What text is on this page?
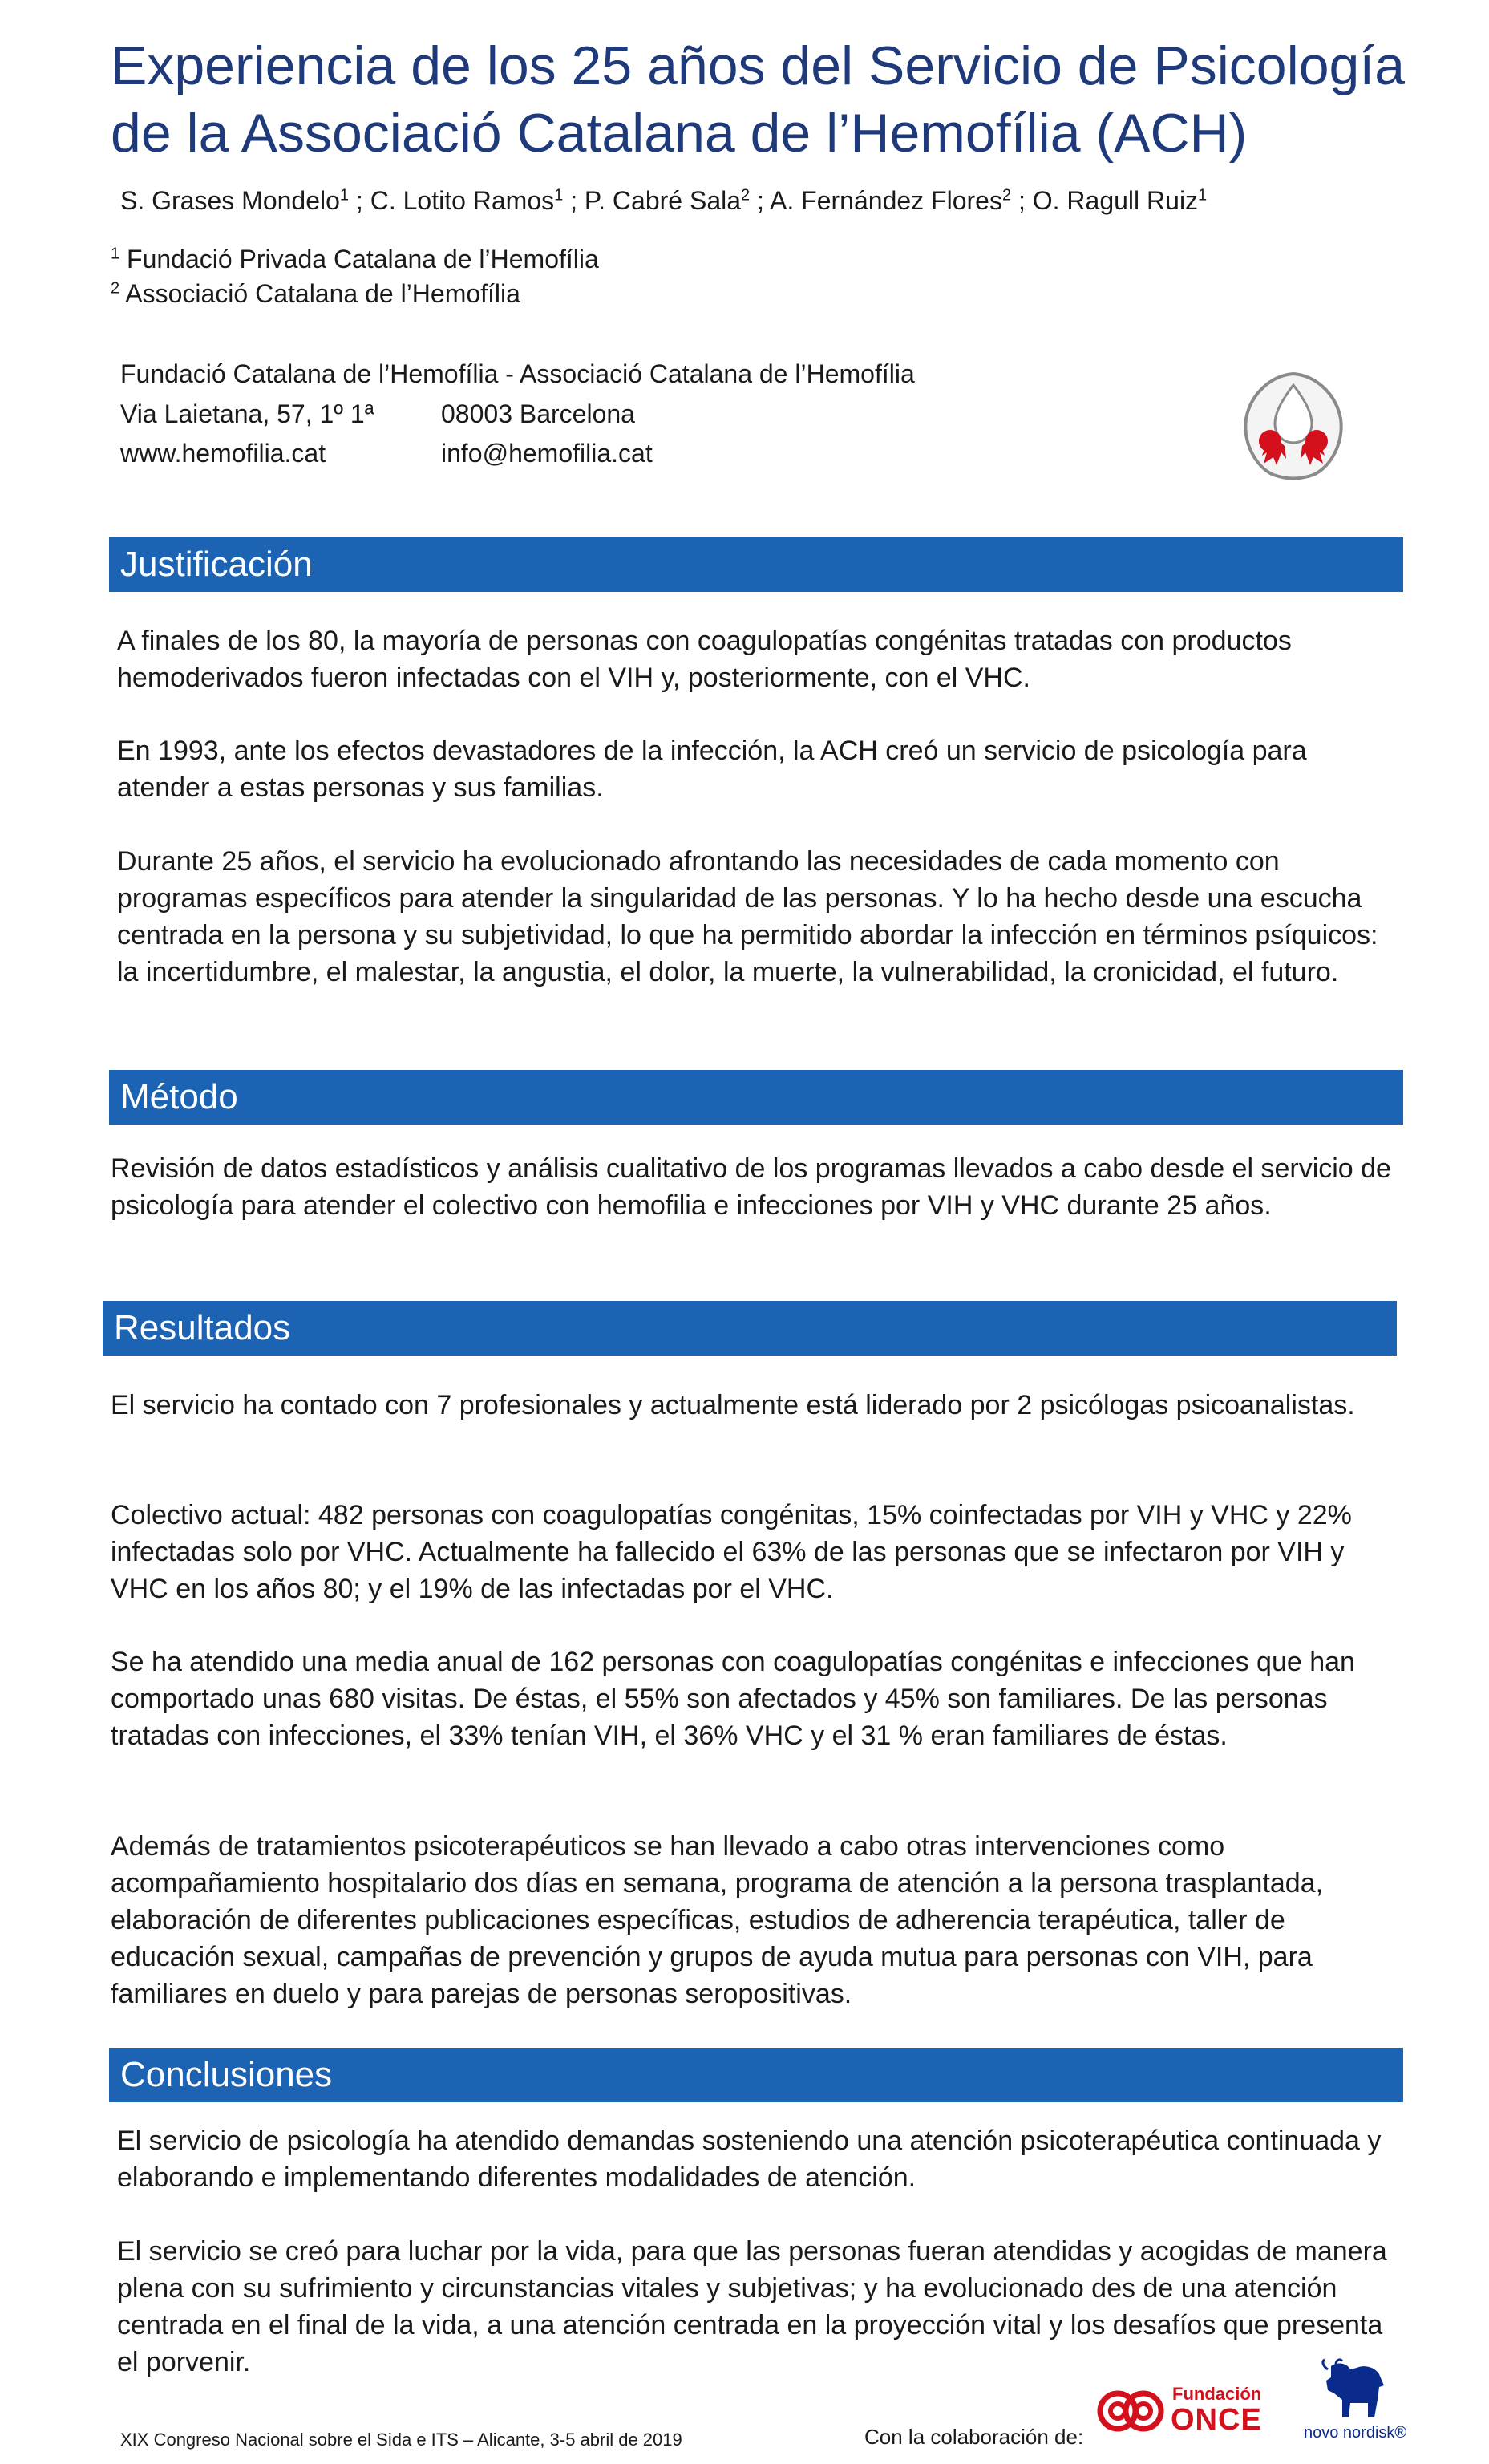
Experiencia de los 25 años del Servicio de Psicología
de la Associació Catalana de l’Hemofília (ACH)
S. Grases Mondelo$^1$ ; C. Lotito Ramos$^1$ ; P. Cabré Sala$^2$ ; A. Fernández Flores$^2$ ; O. Ragull Ruiz$^1$
$^1$ Fundació Privada Catalana de l’Hemofília
$^2$ Associació Catalana de l’Hemofília
Fundació Catalana de l’Hemofília - Associació Catalana de l’Hemofília
Via Laietana, 57, 1º 1ª	08003 Barcelona
www.hemofilia.cat	info@hemofilia.cat
Justificación

A finales de los 80, la mayoría de personas con coagulopatías congénitas tratadas con productos hemoderivados fueron infectadas con el VIH y, posteriormente, con el VHC.

En 1993, ante los efectos devastadores de la infección, la ACH creó un servicio de psicología para atender a estas personas y sus familias.

Durante 25 años, el servicio ha evolucionado afrontando las necesidades de cada momento con programas específicos para atender la singularidad de las personas. Y lo ha hecho desde una escucha centrada en la persona y su subjetividad, lo que ha permitido abordar la infección en términos psíquicos: la incertidumbre, el malestar, la angustia, el dolor, la muerte, la vulnerabilidad, la cronicidad, el futuro.

Método

Revisión de datos estadísticos y análisis cualitativo de los programas llevados a cabo desde el servicio de psicología para atender el colectivo con hemofilia e infecciones por VIH y VHC durante 25 años.

Resultados

El servicio ha contado con 7 profesionales y actualmente está liderado por 2 psicólogas psicoanalistas.

Colectivo actual: 482 personas con coagulopatías congénitas, 15% coinfectadas por VIH y VHC y 22% infectadas solo por VHC. Actualmente ha fallecido el 63% de las personas que se infectaron por VIH y VHC en los años 80; y el 19% de las infectadas por el VHC.

Se ha atendido una media anual de 162 personas con coagulopatías congénitas e infecciones que han comportado unas 680 visitas. De éstas, el 55% son afectados y 45% son familiares. De las personas tratadas con infecciones, el 33% tenían VIH, el 36% VHC y el 31 % eran familiares de éstas.

Además de tratamientos psicoterapéuticos se han llevado a cabo otras intervenciones como acompañamiento hospitalario dos días en semana, programa de atención a la persona trasplantada, elaboración de diferentes publicaciones específicas, estudios de adherencia terapéutica, taller de educación sexual, campañas de prevención y grupos de ayuda mutua para personas con VIH, para familiares en duelo y para parejas de personas seropositivas.

Conclusiones

El servicio de psicología ha atendido demandas sosteniendo una atención psicoterapéutica continuada y elaborando e implementando diferentes modalidades de atención.

El servicio se creó para luchar por la vida, para que las personas fueran atendidas y acogidas de manera plena con su sufrimiento y circunstancias vitales y subjetivas; y ha evolucionado des de una atención centrada en el final de la vida, a una atención centrada en la proyección vital y los desafíos que presenta el porvenir.

XIX Congreso Nacional sobre el Sida e ITS – Alicante, 3-5 abril de 2019	Con la colaboración de:
Fundación
ONCE	novo nordisk®
